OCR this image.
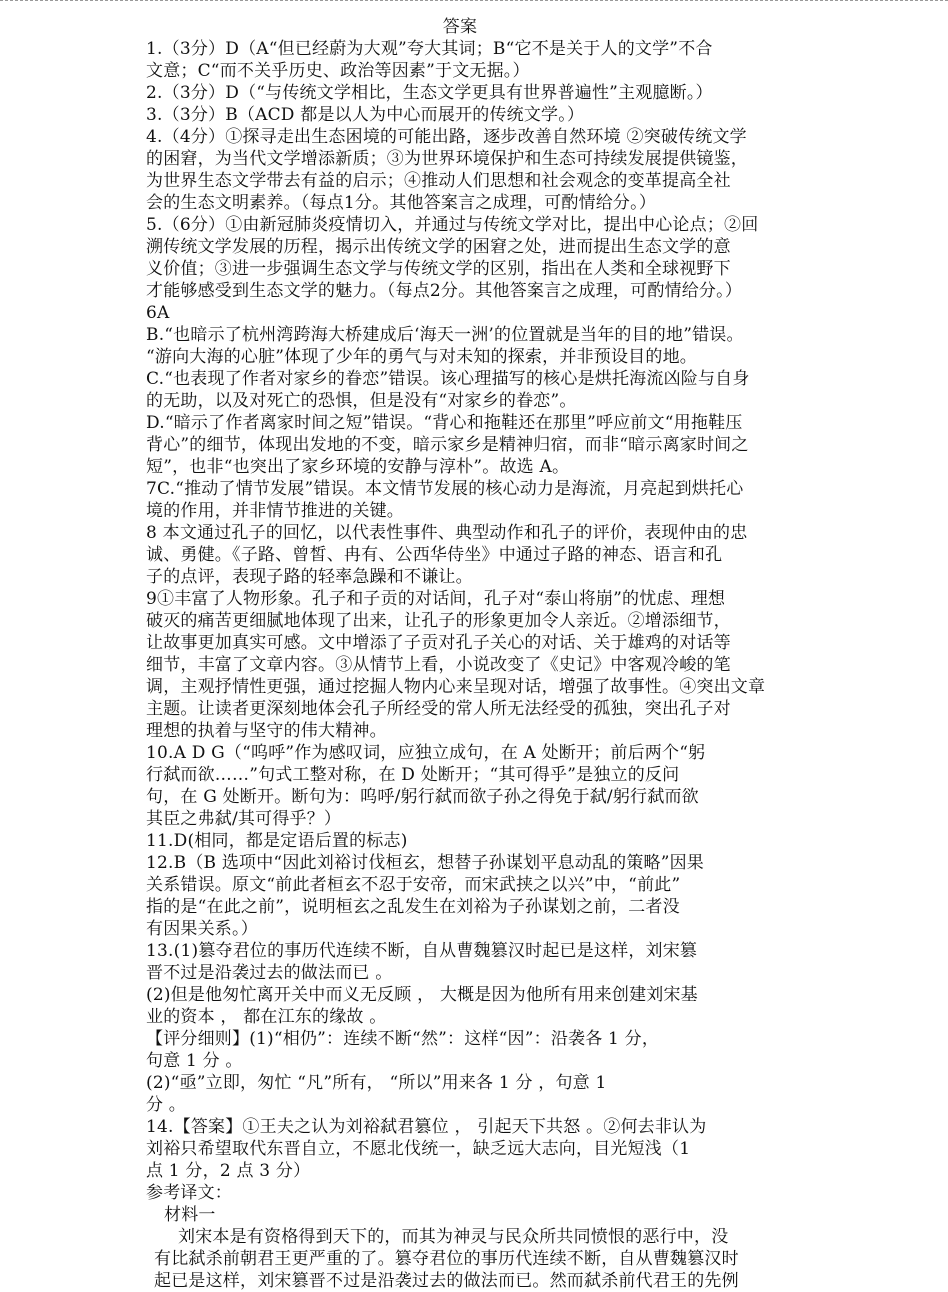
答案
1.（3分）D（A“但已经蔚为大观”夸大其词；B“它不是关于人的文学”不合
文意；C“而不关乎历史、政治等因素”于文无据。）
2.（3分）D（“与传统文学相比，生态文学更具有世界普遍性”主观臆断。）
3.（3分）B（ACD 都是以人为中心而展开的传统文学。）
4.（4分）①探寻走出生态困境的可能出路，逐步改善自然环境 ②突破传统文学
的困窘，为当代文学增添新质；③为世界环境保护和生态可持续发展提供镜鉴，
为世界生态文学带去有益的启示；④推动人们思想和社会观念的变革提高全社
会的生态文明素养。（每点1分。其他答案言之成理，可酌情给分。）
5.（6分）①由新冠肺炎疫情切入，并通过与传统文学对比，提出中心论点；②回
溯传统文学发展的历程，揭示出传统文学的困窘之处，进而提出生态文学的意
义价值；③进一步强调生态文学与传统文学的区别，指出在人类和全球视野下
才能够感受到生态文学的魅力。（每点2分。其他答案言之成理，可酌情给分。）
6A
B.“也暗示了杭州湾跨海大桥建成后‘海天一洲’的位置就是当年的目的地”错误。
“游向大海的心脏”体现了少年的勇气与对未知的探索，并非预设目的地。
C.“也表现了作者对家乡的眷恋”错误。该心理描写的核心是烘托海流凶险与自身
的无助，以及对死亡的恐惧，但是没有“对家乡的眷恋”。
D.“暗示了作者离家时间之短”错误。“背心和拖鞋还在那里”呼应前文“用拖鞋压
背心”的细节，体现出发地的不变，暗示家乡是精神归宿，而非“暗示离家时间之
短”，也非“也突出了家乡环境的安静与淳朴”。故选 A。
7C.“推动了情节发展”错误。本文情节发展的核心动力是海流，月亮起到烘托心
境的作用，并非情节推进的关键。
8 本文通过孔子的回忆，以代表性事件、典型动作和孔子的评价，表现仲由的忠
诚、勇健。《子路、曾皙、冉有、公西华侍坐》中通过子路的神态、语言和孔
子的点评，表现子路的轻率急躁和不谦让。
9①丰富了人物形象。孔子和子贡的对话间，孔子对“泰山将崩”的忧虑、理想
破灭的痛苦更细腻地体现了出来，让孔子的形象更加令人亲近。②增添细节，
让故事更加真实可感。文中增添了子贡对孔子关心的对话、关于雄鸡的对话等
细节，丰富了文章内容。③从情节上看，小说改变了《史记》中客观冷峻的笔
调，主观抒情性更强，通过挖掘人物内心来呈现对话，增强了故事性。④突出文章
主题。让读者更深刻地体会孔子所经受的常人所无法经受的孤独，突出孔子对
理想的执着与坚守的伟大精神。
10.A D G（“呜呼”作为感叹词，应独立成句，在 A 处断开；前后两个“躬
行弑而欲……”句式工整对称，在 D 处断开；“其可得乎”是独立的反问
句，在 G 处断开。断句为：呜呼/躬行弑而欲子孙之得免于弑/躬行弑而欲
其臣之弗弑/其可得乎？）
11.D(相同，都是定语后置的标志)
12.B（B 选项中“因此刘裕讨伐桓玄，想替子孙谋划平息动乱的策略”因果
关系错误。原文“前此者桓玄不忍于安帝，而宋武挟之以兴”中，“前此”
指的是“在此之前”，说明桓玄之乱发生在刘裕为子孙谋划之前，二者没
有因果关系。）
13.(1)篡夺君位的事历代连续不断，自从曹魏篡汉时起已是这样，刘宋篡
晋不过是沿袭过去的做法而已 。
(2)但是他匆忙离开关中而义无反顾 ， 大概是因为他所有用来创建刘宋基
业的资本 ， 都在江东的缘故 。
【评分细则】(1)“相仍”：连续不断“然”：这样“因”：沿袭各 1 分，
句意 1 分 。
(2)“亟”立即，匆忙 “凡”所有， “所以”用来各 1 分 ，句意 1
分 。
14.【答案】①王夫之认为刘裕弑君篡位 ， 引起天下共怒 。②何去非认为
刘裕只希望取代东晋自立，不愿北伐统一，缺乏远大志向，目光短浅（1
点 1 分，2 点 3 分）
参考译文：
材料一
刘宋本是有资格得到天下的，而其为神灵与民众所共同愤恨的恶行中，没
有比弑杀前朝君王更严重的了。篡夺君位的事历代连续不断，自从曹魏篡汉时
起已是这样，刘宋篡晋不过是沿袭过去的做法而已。然而弑杀前代君王的先例
